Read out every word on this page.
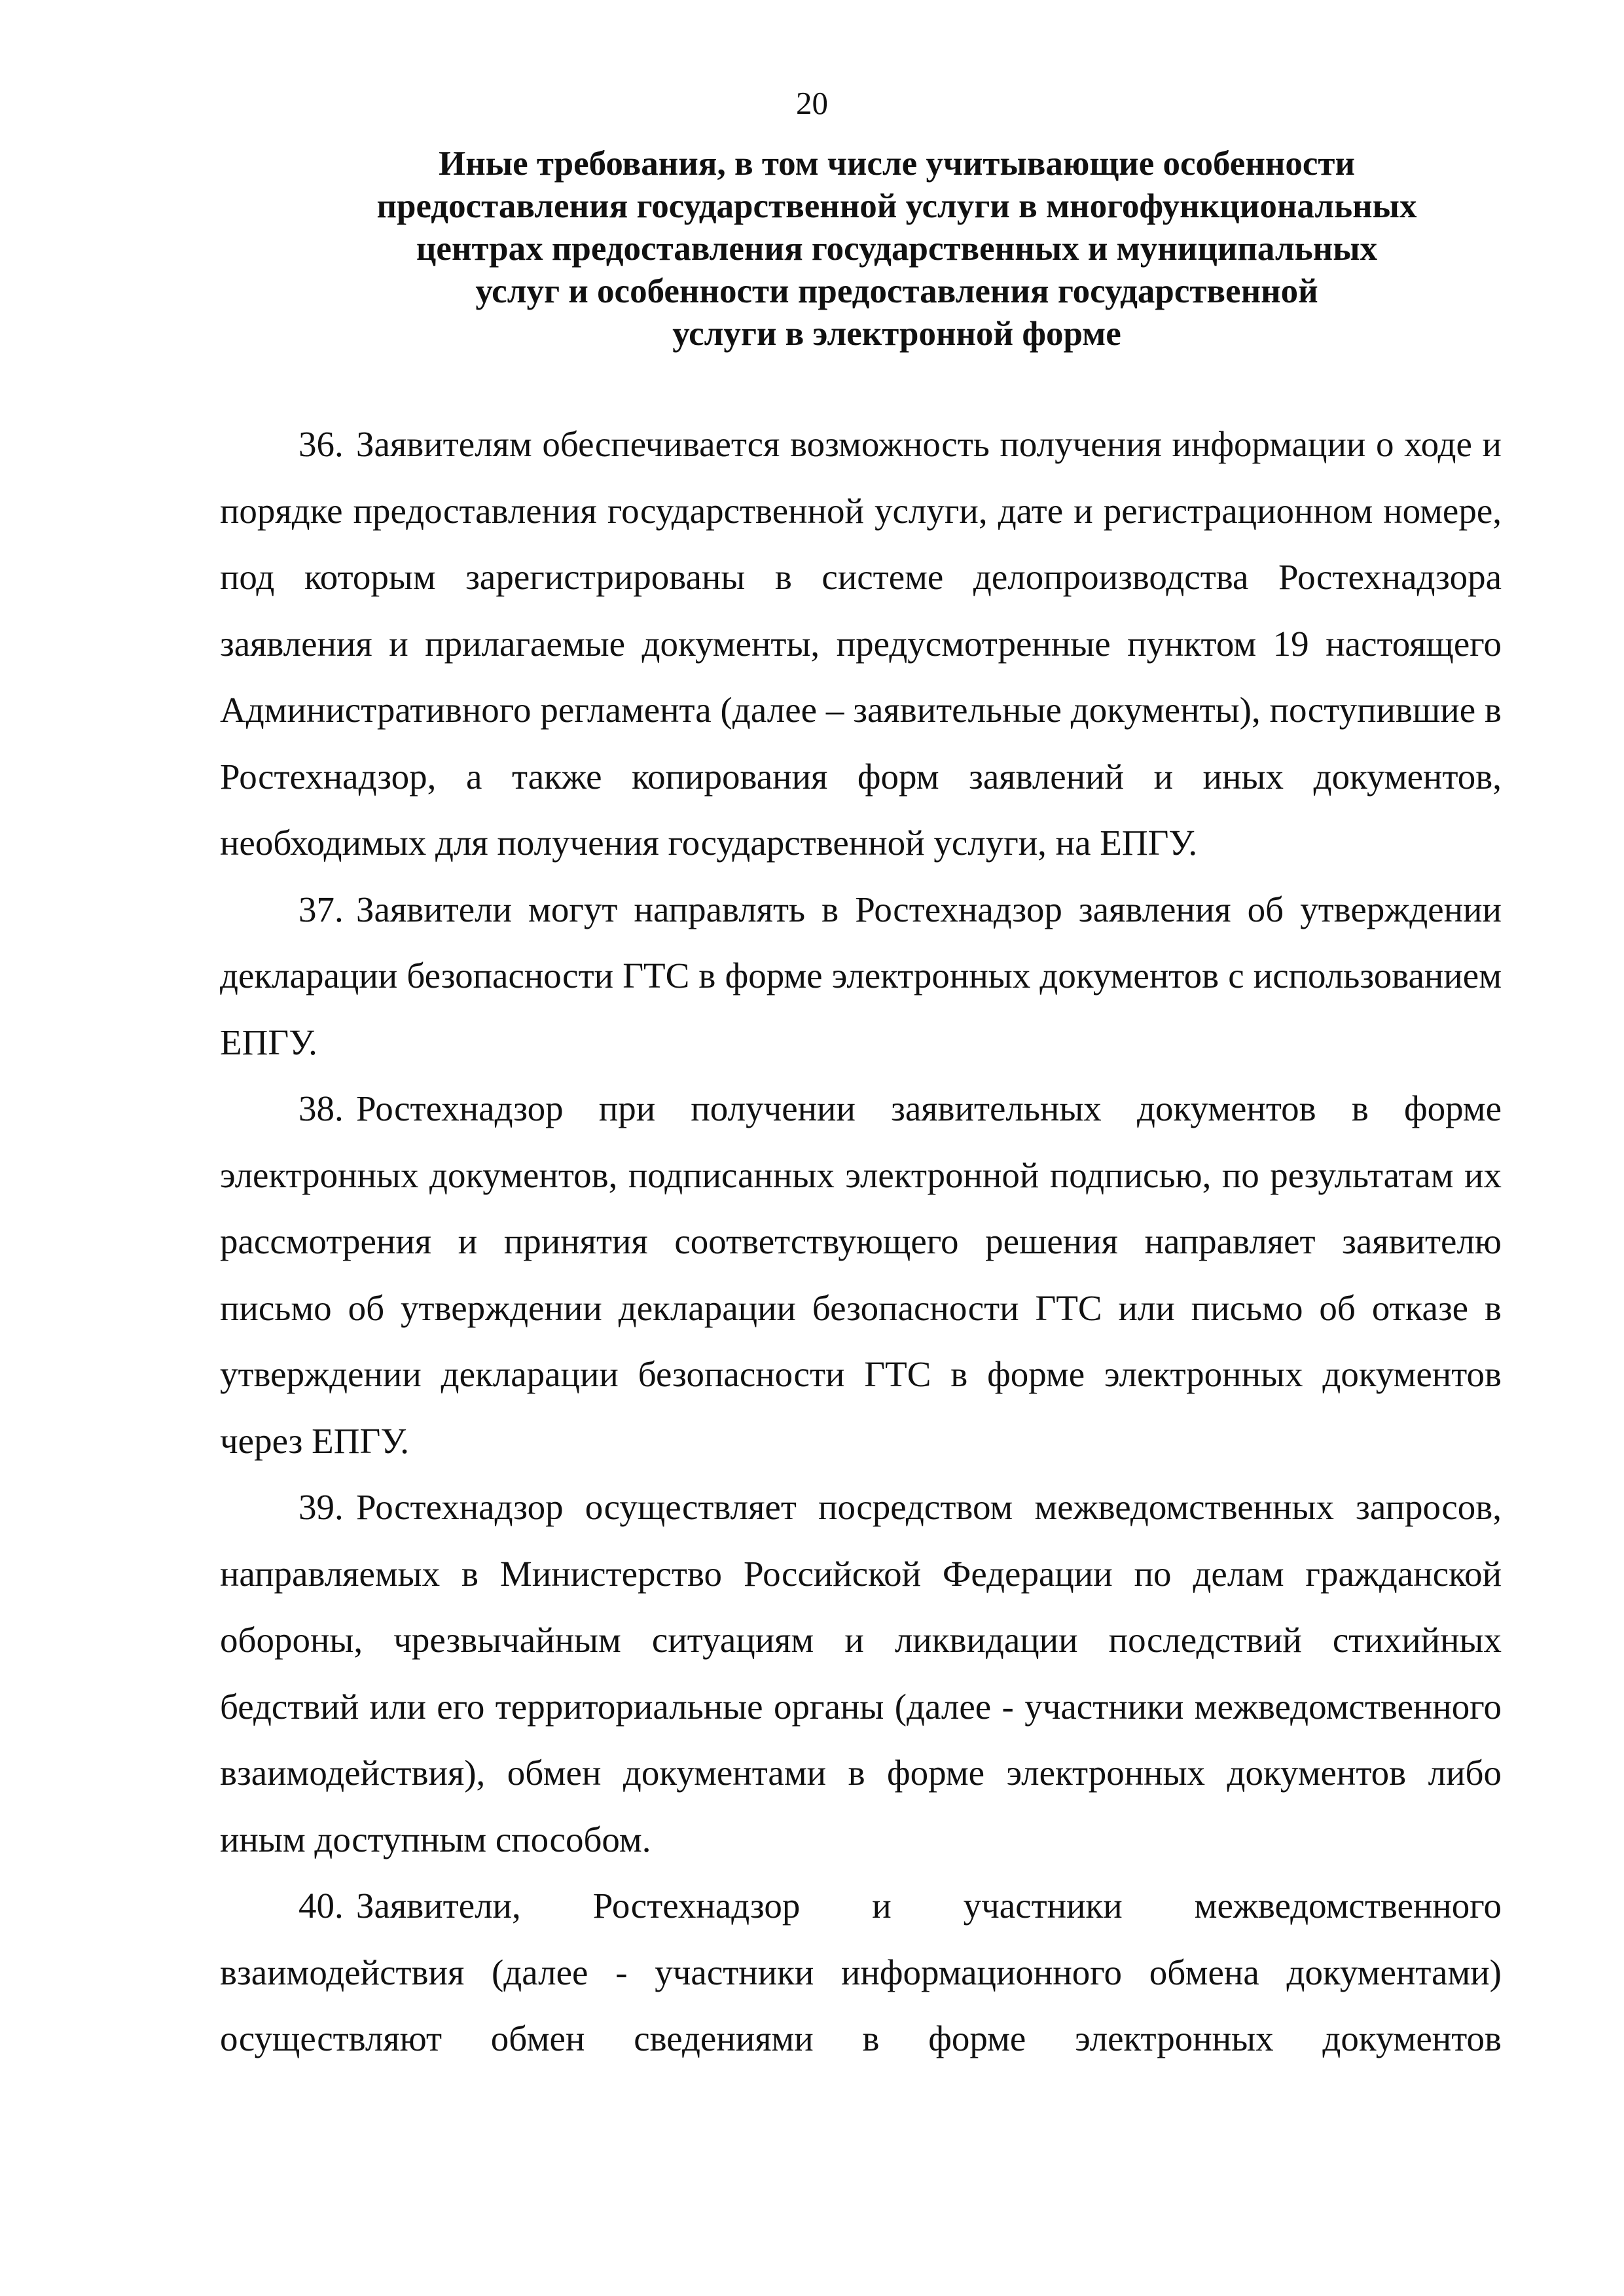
20
Иные требования, в том числе учитывающие особенности
предоставления государственной услуги в многофункциональных
центрах предоставления государственных и муниципальных
услуг и особенности предоставления государственной
услуги в электронной форме

36. Заявителям обеспечивается возможность получения информации о ходе и порядке предоставления государственной услуги, дате и регистрационном номере, под которым зарегистрированы в системе делопроизводства Ростехнадзора заявления и прилагаемые документы, предусмотренные пунктом 19 настоящего Административного регламента (далее – заявительные документы), поступившие в Ростехнадзор, а также копирования форм заявлений и иных документов, необходимых для получения государственной услуги, на ЕПГУ.

37. Заявители могут направлять в Ростехнадзор заявления об утверждении декларации безопасности ГТС в форме электронных документов с использованием ЕПГУ.

38. Ростехнадзор при получении заявительных документов в форме электронных документов, подписанных электронной подписью, по результатам их рассмотрения и принятия соответствующего решения направляет заявителю письмо об утверждении декларации безопасности ГТС или письмо об отказе в утверждении декларации безопасности ГТС в форме электронных документов через ЕПГУ.

39. Ростехнадзор осуществляет посредством межведомственных запросов, направляемых в Министерство Российской Федерации по делам гражданской обороны, чрезвычайным ситуациям и ликвидации последствий стихийных бедствий или его территориальные органы (далее - участники межведомственного взаимодействия), обмен документами в форме электронных документов либо иным доступным способом.

40. Заявители, Ростехнадзор и участники межведомственного взаимодействия (далее - участники информационного обмена документами) осуществляют обмен сведениями в форме электронных документов
